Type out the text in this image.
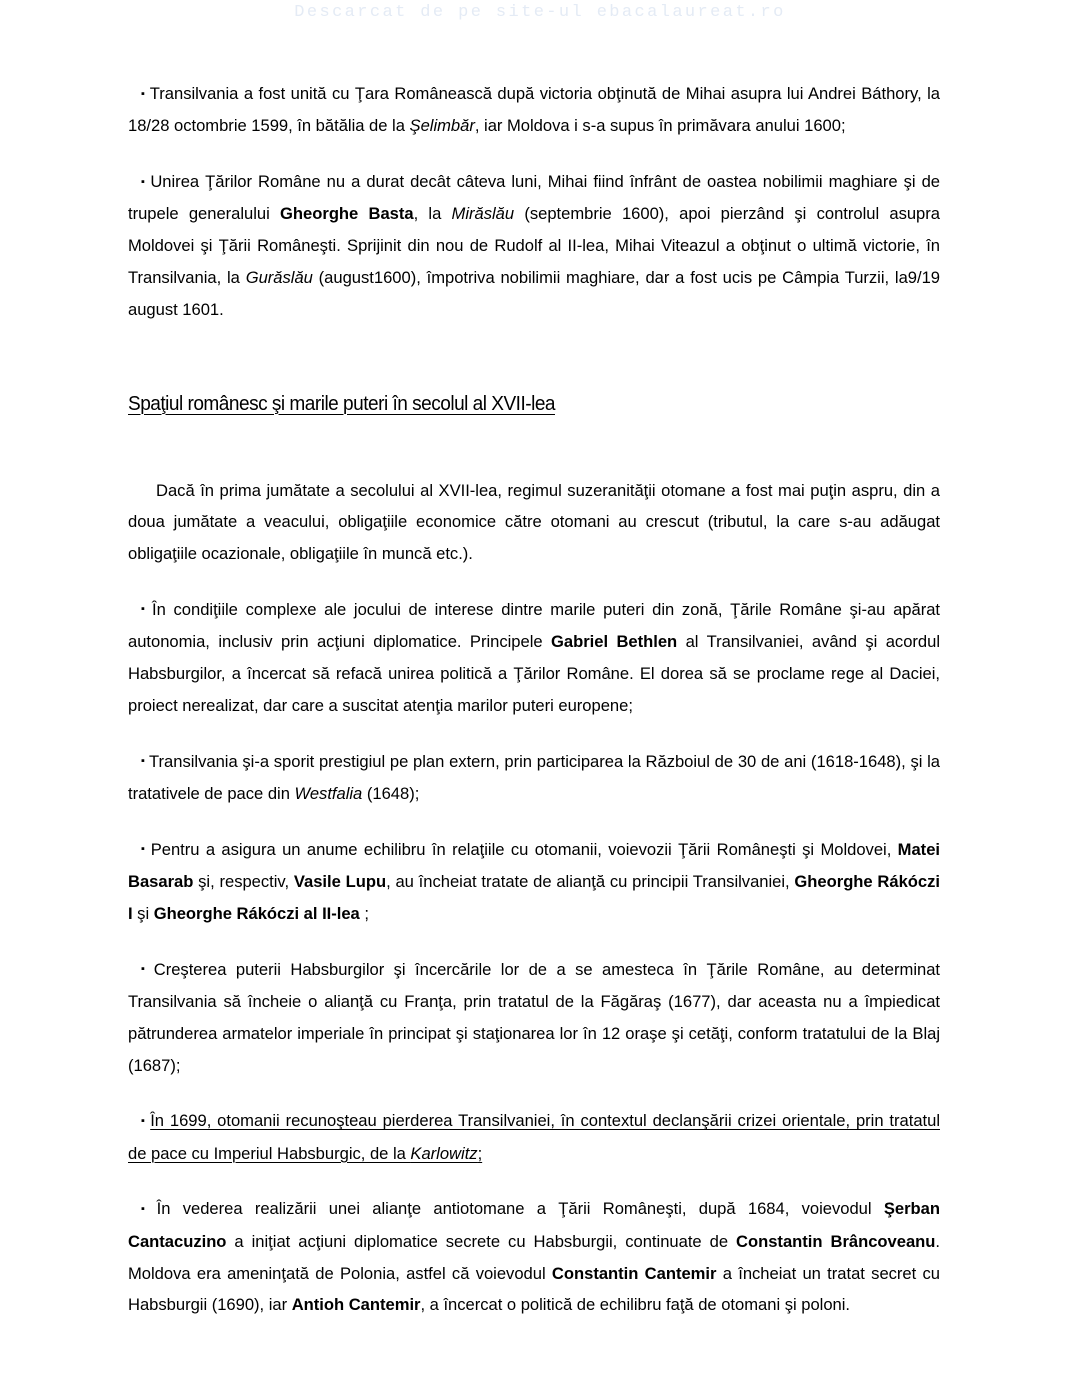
Descarcat de pe site-ul ebacalaureat.ro

▪ Transilvania a fost unită cu Ţara Românească după victoria obţinută de Mihai asupra lui Andrei Báthory, la 18/28 octombrie 1599, în bătălia de la Şelimbăr, iar Moldova i s-a supus în primăvara anului 1600;

▪ Unirea Ţărilor Române nu a durat decât câteva luni, Mihai fiind înfrânt de oastea nobilimii maghiare şi de trupele generalului Gheorghe Basta, la Mirăslău (septembrie 1600), apoi pierzând şi controlul asupra Moldovei şi Ţării Româneşti. Sprijinit din nou de Rudolf al II-lea, Mihai Viteazul a obţinut o ultimă victorie, în Transilvania, la Gurăslău (august1600), împotriva nobilimii maghiare, dar a fost ucis pe Câmpia Turzii, la9/19 august 1601.

Spaţiul românesc şi marile puteri în secolul al XVII-lea

Dacă în prima jumătate a secolului al XVII-lea, regimul suzeranităţii otomane a fost mai puţin aspru, din a doua jumătate a veacului, obligaţiile economice către otomani au crescut (tributul, la care s-au adăugat obligaţiile ocazionale, obligaţiile în muncă etc.).

▪ În condiţiile complexe ale jocului de interese dintre marile puteri din zonă, Ţările Române şi-au apărat autonomia, inclusiv prin acţiuni diplomatice. Principele Gabriel Bethlen al Transilvaniei, având şi acordul Habsburgilor, a încercat să refacă unirea politică a Ţărilor Române. El dorea să se proclame rege al Daciei, proiect nerealizat, dar care a suscitat atenţia marilor puteri europene;

▪ Transilvania şi-a sporit prestigiul pe plan extern, prin participarea la Războiul de 30 de ani (1618-1648), şi la tratativele de pace din Westfalia (1648);

▪ Pentru a asigura un anume echilibru în relaţiile cu otomanii, voievozii Ţării Româneşti şi Moldovei, Matei Basarab şi, respectiv, Vasile Lupu, au încheiat tratate de alianţă cu principii Transilvaniei, Gheorghe Rákóczi I şi Gheorghe Rákóczi al II-lea ;

▪ Creşterea puterii Habsburgilor şi încercările lor de a se amesteca în Ţările Române, au determinat Transilvania să încheie o alianţă cu Franţa, prin tratatul de la Făgăraş (1677), dar aceasta nu a împiedicat pătrunderea armatelor imperiale în principat şi staţionarea lor în 12 oraşe şi cetăţi, conform tratatului de la Blaj (1687);

▪ În 1699, otomanii recunoşteau pierderea Transilvaniei, în contextul declanşării crizei orientale, prin tratatul de pace cu Imperiul Habsburgic, de la Karlowitz;

▪ În vederea realizării unei alianţe antiotomane a Ţării Româneşti, după 1684, voievodul Şerban Cantacuzino a iniţiat acţiuni diplomatice secrete cu Habsburgii, continuate de Constantin Brâncoveanu. Moldova era ameninţată de Polonia, astfel că voievodul Constantin Cantemir a încheiat un tratat secret cu Habsburgii (1690), iar Antioh Cantemir, a încercat o politică de echilibru faţă de otomani şi poloni.
